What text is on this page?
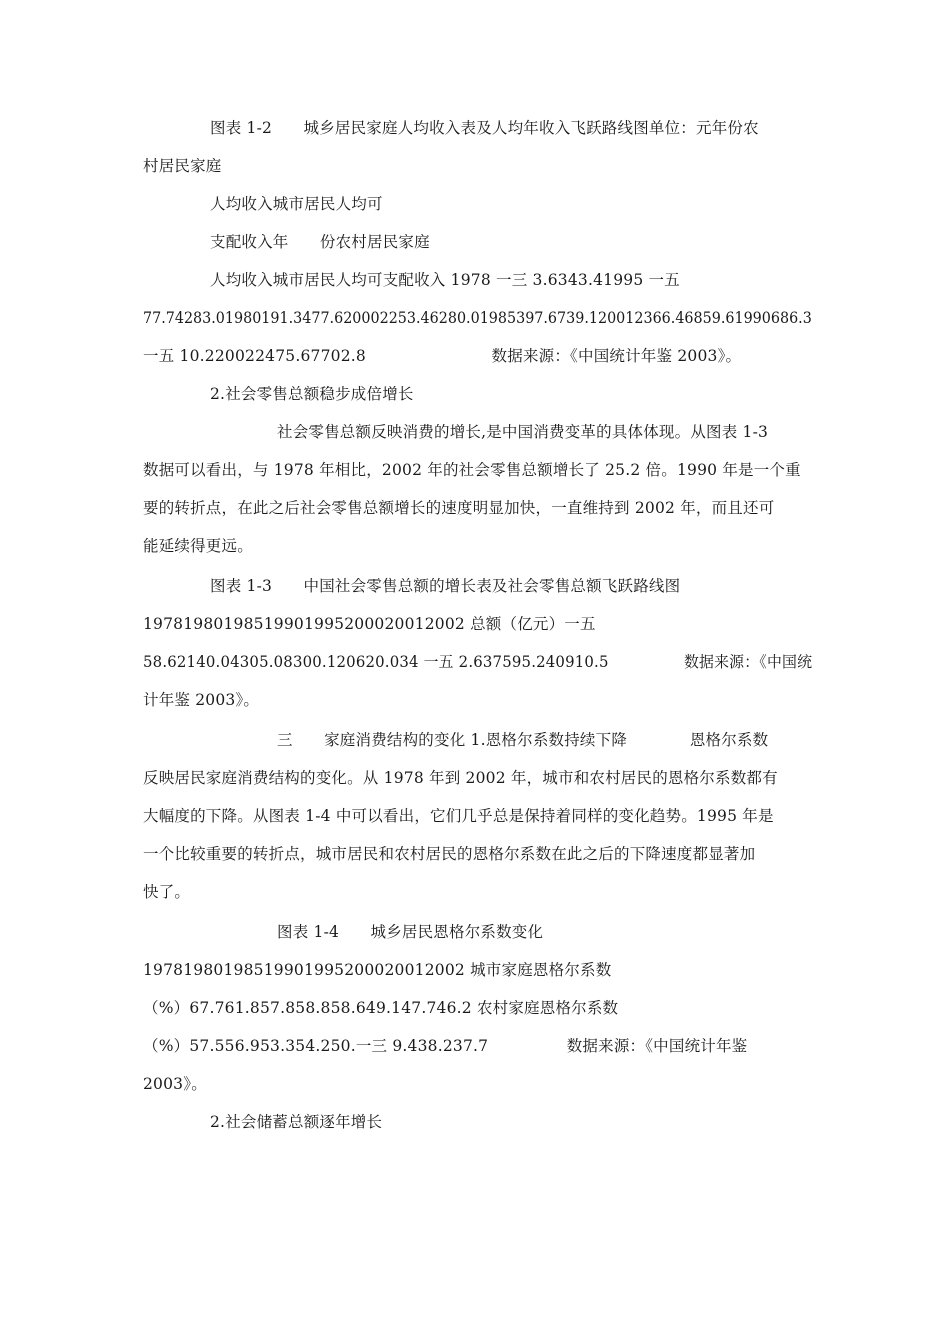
图表 1-2　　城乡居民家庭人均收入表及人均年收入飞跃路线图单位：元年份农
村居民家庭
人均收入城市居民人均可
支配收入年　　份农村居民家庭
人均收入城市居民人均可支配收入 1978 一三 3.6343.41995 一五
77.74283.01980191.3477.620002253.46280.01985397.6739.120012366.46859.61990686.3
一五 10.220022475.67702.8　　　　　　　　数据来源：《中国统计年鉴 2003》。
2.社会零售总额稳步成倍增长
社会零售总额反映消费的增长,是中国消费变革的具体体现。从图表 1-3
数据可以看出，与 1978 年相比，2002 年的社会零售总额增长了 25.2 倍。1990 年是一个重
要的转折点，在此之后社会零售总额增长的速度明显加快，一直维持到 2002 年，而且还可
能延续得更远。
图表 1-3　　中国社会零售总额的增长表及社会零售总额飞跃路线图
19781980198519901995200020012002 总额（亿元）一五
58.62140.04305.08300.120620.034 一五 2.637595.240910.5　　　　　数据来源：《中国统
计年鉴 2003》。
三　　家庭消费结构的变化 1.恩格尔系数持续下降　　　　恩格尔系数
反映居民家庭消费结构的变化。从 1978 年到 2002 年，城市和农村居民的恩格尔系数都有
大幅度的下降。从图表 1-4 中可以看出，它们几乎总是保持着同样的变化趋势。1995 年是
一个比较重要的转折点，城市居民和农村居民的恩格尔系数在此之后的下降速度都显著加
快了。
图表 1-4　　城乡居民恩格尔系数变化
19781980198519901995200020012002 城市家庭恩格尔系数
（%）67.761.857.858.858.649.147.746.2 农村家庭恩格尔系数
（%）57.556.953.354.250.一三 9.438.237.7　　　　　数据来源：《中国统计年鉴
2003》。
2.社会储蓄总额逐年增长
